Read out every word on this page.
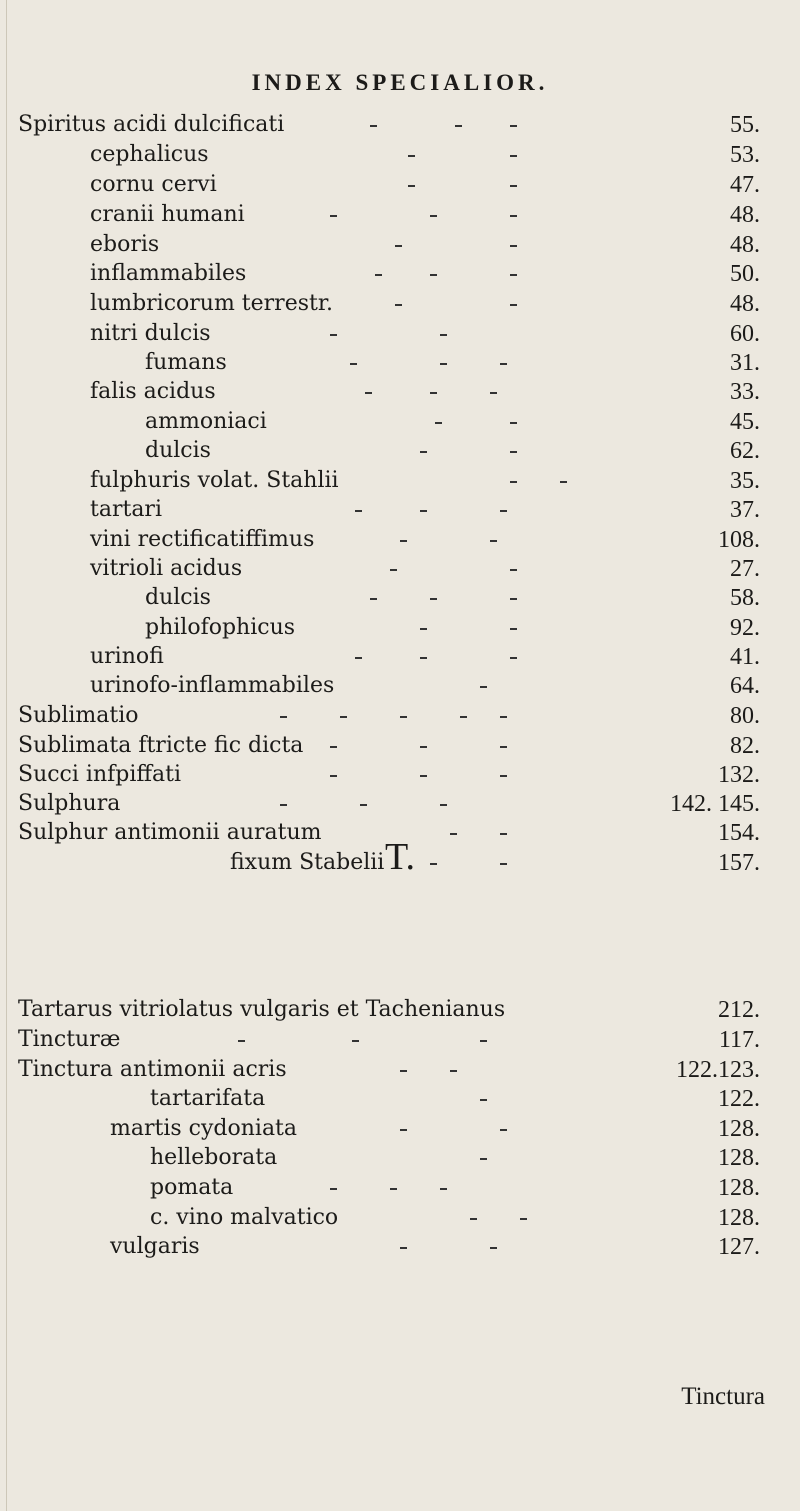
INDEX SPECIALIOR.
Spiritus acidi dulcificati	55.
cephalicus	53.
cornu cervi	47.
cranii humani	48.
eboris	48.
inflammabiles	50.
lumbricorum terrestr.	48.
nitri dulcis	60.
fumans	31.
falis acidus	33.
ammoniaci	45.
dulcis	62.
fulphuris volat. Stahlii	35.
tartari	37.
vini rectificatiffimus	108.
vitrioli acidus	27.
dulcis	58.
philofophicus	92.
urinofi	41.
urinofo-inflammabiles	64.
Sublimatio	80.
Sublimata ftricte fic dicta	82.
Succi infpiffati	132.
Sulphura	142. 145.
Sulphur antimonii auratum	154.
fixum Stabelii	157.
T.
Tartarus vitriolatus vulgaris et Tachenianus	212.
Tincturæ	117.
Tinctura antimonii acris	122.123.
tartarifata	122.
martis cydoniata	128.
helleborata	128.
pomata	128.
c. vino malvatico	128.
vulgaris	127.
Tinctura
